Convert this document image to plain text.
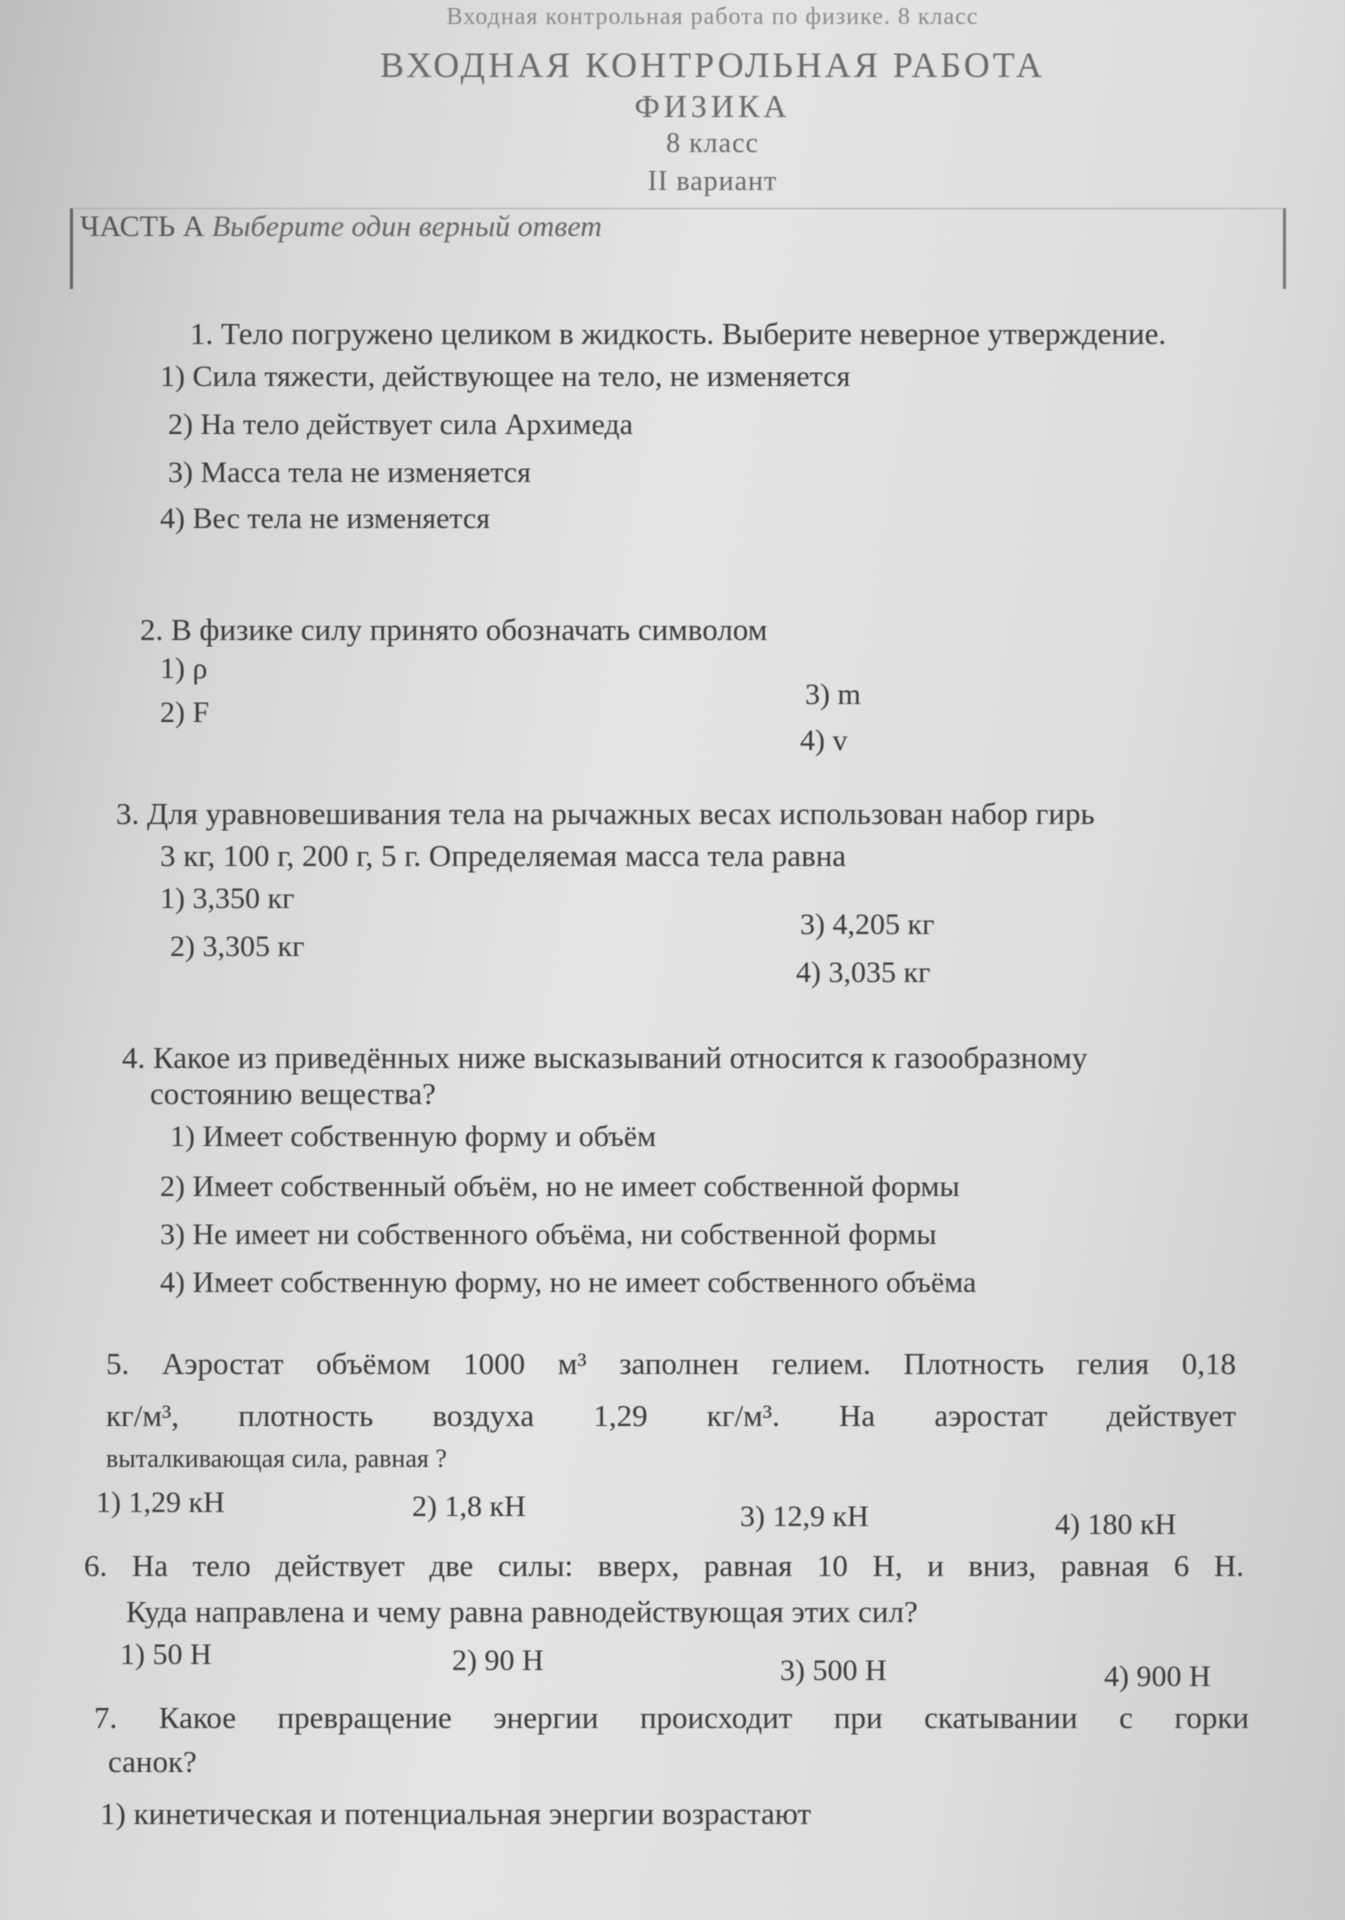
Входная контрольная работа по физике. 8 класс
ВХОДНАЯ КОНТРОЛЬНАЯ РАБОТА
ФИЗИКА
8 класс
II вариант
ЧАСТЬ А Выберите один верный ответ
1. Тело погружено целиком в жидкость. Выберите неверное утверждение.
1) Сила тяжести, действующее на тело, не изменяется
2) На тело действует сила Архимеда
3) Масса тела не изменяется
4) Вес тела не изменяется
2. В физике силу принято обозначать символом
1) ρ
2) F
3) m
4) v
3. Для уравновешивания тела на рычажных весах использован набор гирь
3 кг, 100 г, 200 г, 5 г. Определяемая масса тела равна
1) 3,350 кг
2) 3,305 кг
3) 4,205 кг
4) 3,035 кг
4. Какое из приведённых ниже высказываний относится к газообразному
состоянию вещества?
1) Имеет собственную форму и объём
2) Имеет собственный объём, но не имеет собственной формы
3) Не имеет ни собственного объёма, ни собственной формы
4) Имеет собственную форму, но не имеет собственного объёма
5. Аэростат объёмом 1000 м³ заполнен гелием. Плотность гелия 0,18
кг/м³, плотность воздуха 1,29 кг/м³. На аэростат действует
выталкивающая сила, равная ?
1) 1,29 кН	2) 1,8 кН	3) 12,9 кН	4) 180 кН
6. На тело действует две силы: вверх, равная 10 Н, и вниз, равная 6 Н.
Куда направлена и чему равна равнодействующая этих сил?
1) 50 Н	2) 90 Н	3) 500 Н	4) 900 Н
7. Какое превращение энергии происходит при скатывании с горки
санок?
1) кинетическая и потенциальная энергии возрастают
